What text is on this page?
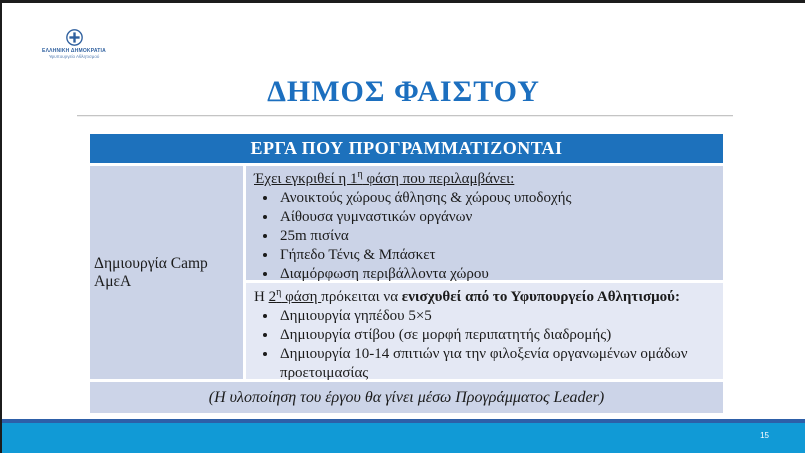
ΕΛΛΗΝΙΚΗ ΔΗΜΟΚΡΑΤΙΑ
Υφυπουργείο Αθλητισμού
ΔΗΜΟΣ ΦΑΙΣΤΟΥ
ΕΡΓΑ ΠΟΥ ΠΡΟΓΡΑΜΜΑΤΙΖΟΝΤΑΙ
Δημιουργία Camp ΑμεΑ
Έχει εγκριθεί η $1^\eta$ φάση που περιλαμβάνει:
• Ανοικτούς χώρους άθλησης & χώρους υποδοχής
• Αίθουσα γυμναστικών οργάνων
• 25m πισίνα
• Γήπεδο Τένις & Μπάσκετ
• Διαμόρφωση περιβάλλοντα χώρου
Η $2^\eta$ φάση πρόκειται να ενισχυθεί από το Υφυπουργείο Αθλητισμού:
• Δημιουργία γηπέδου 5×5
• Δημιουργία στίβου (σε μορφή περιπατητής διαδρομής)
• Δημιουργία 10-14 σπιτιών για την φιλοξενία οργανωμένων ομάδων προετοιμασίας
(Η υλοποίηση του έργου θα γίνει μέσω Προγράμματος Leader)
15
